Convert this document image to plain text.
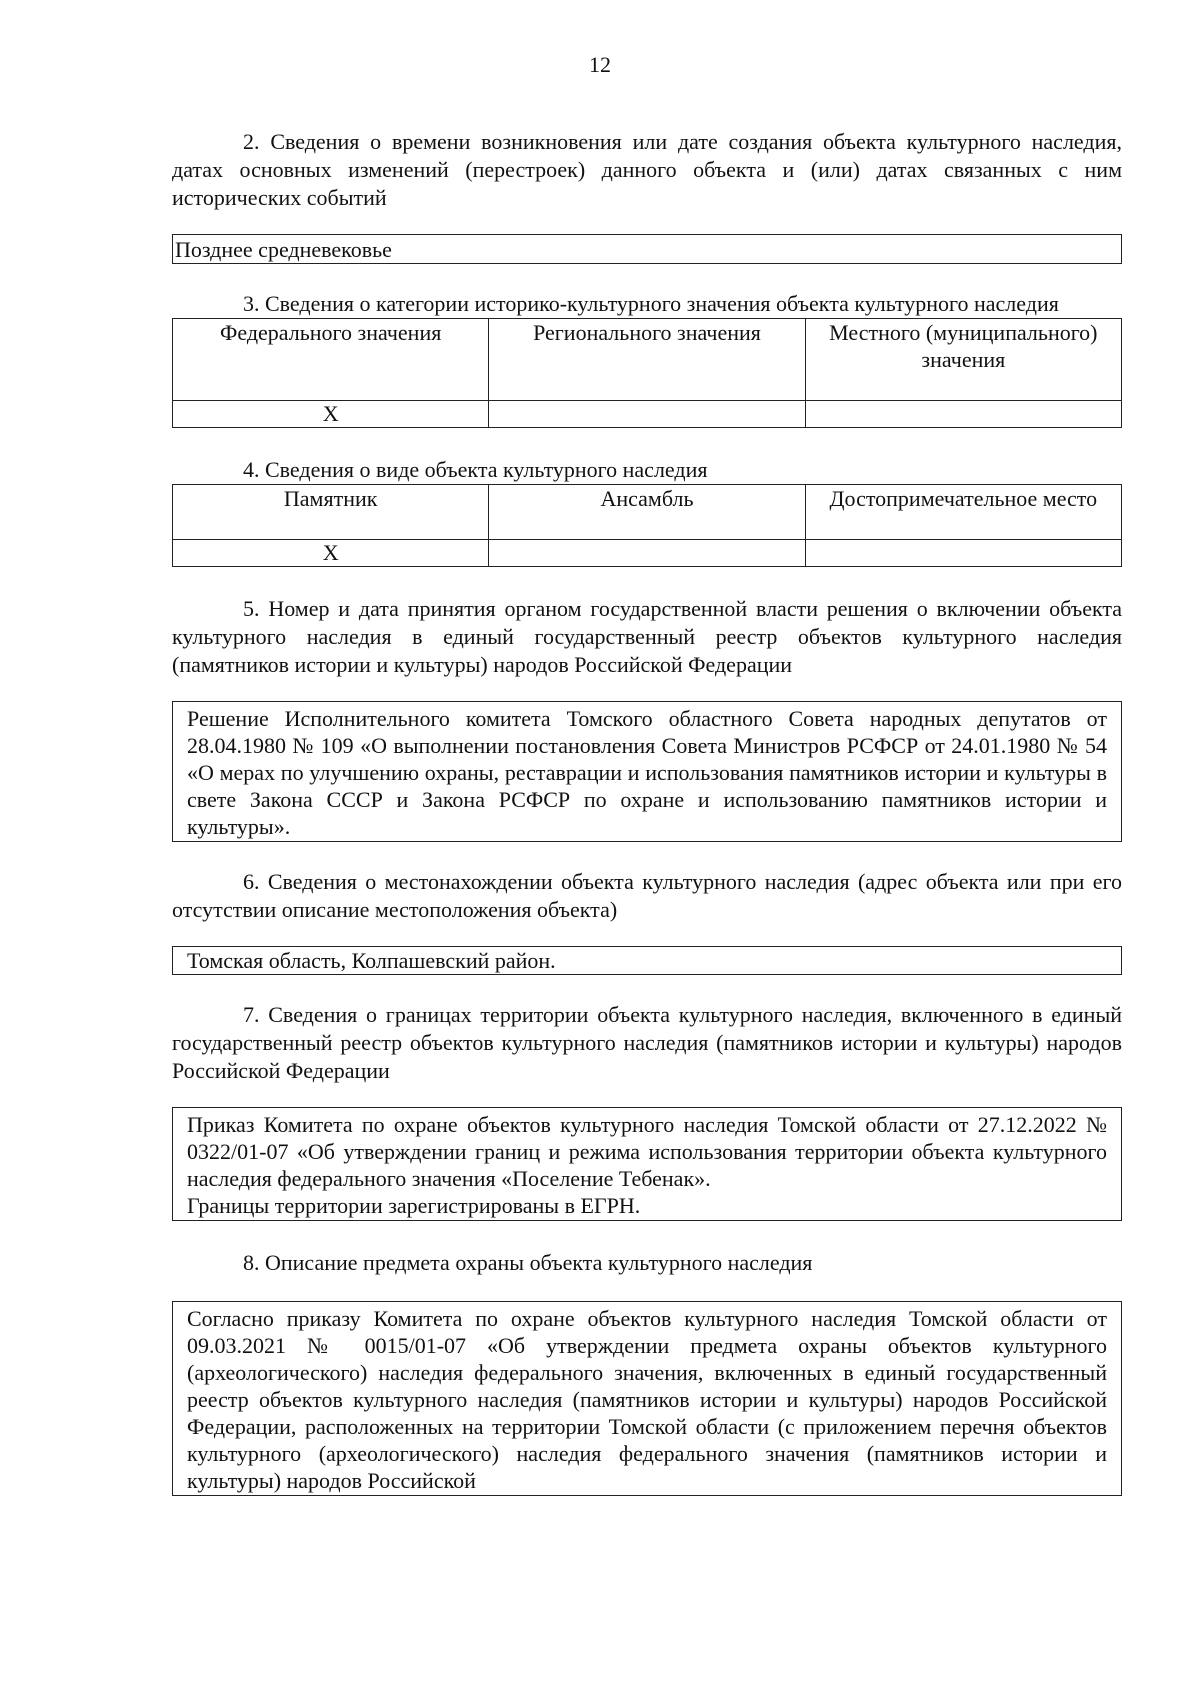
12

2. Сведения о времени возникновения или дате создания объекта культурного наследия, датах основных изменений (перестроек) данного объекта и (или) датах связанных с ним исторических событий

Позднее средневековье

3. Сведения о категории историко-культурного значения объекта культурного наследия

Федерального значения	Регионального значения	Местного (муниципального) значения
X		

4. Сведения о виде объекта культурного наследия

Памятник	Ансамбль	Достопримечательное место
X		

5. Номер и дата принятия органом государственной власти решения о включении объекта культурного наследия в единый государственный реестр объектов культурного наследия (памятников истории и культуры) народов Российской Федерации

Решение Исполнительного комитета Томского областного Совета народных депутатов от 28.04.1980 № 109 «О выполнении постановления Совета Министров РСФСР от 24.01.1980 № 54 «О мерах по улучшению охраны, реставрации и использования памятников истории и культуры в свете Закона СССР и Закона РСФСР по охране и использованию памятников истории и культуры».

6. Сведения о местонахождении объекта культурного наследия (адрес объекта или при его отсутствии описание местоположения объекта)

Томская область, Колпашевский район.

7. Сведения о границах территории объекта культурного наследия, включенного в единый государственный реестр объектов культурного наследия (памятников истории и культуры) народов Российской Федерации

Приказ Комитета по охране объектов культурного наследия Томской области от 27.12.2022 № 0322/01-07 «Об утверждении границ и режима использования территории объекта культурного наследия федерального значения «Поселение Тебенак».
Границы территории зарегистрированы в ЕГРН.

8. Описание предмета охраны объекта культурного наследия

Согласно приказу Комитета по охране объектов культурного наследия Томской области от 09.03.2021 № 0015/01-07 «Об утверждении предмета охраны объектов культурного (археологического) наследия федерального значения, включенных в единый государственный реестр объектов культурного наследия (памятников истории и культуры) народов Российской Федерации, расположенных на территории Томской области (с приложением перечня объектов культурного (археологического) наследия федерального значения (памятников истории и культуры) народов Российской
